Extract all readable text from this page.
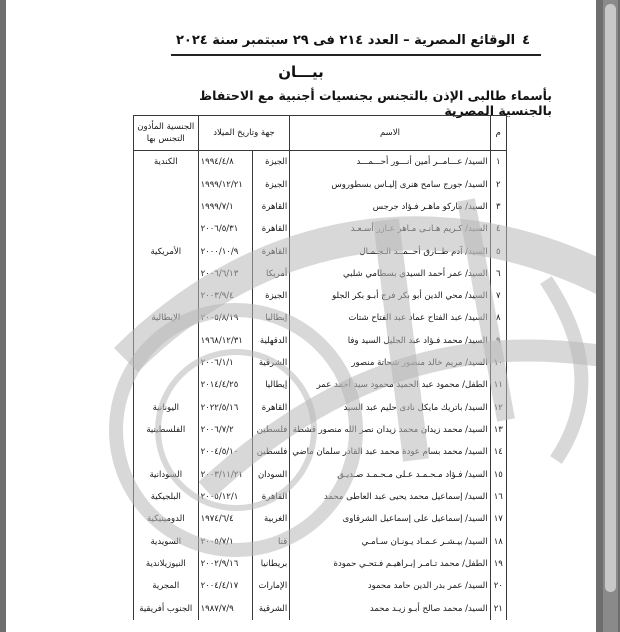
٤
الوقائع المصرية – العدد ٢١٤ فى ٢٩ سبتمبر سنة ٢٠٢٤
بيـــان
بأسماء طالبى الإذن بالتجنس بجنسيات أجنبية مع الاحتفاظ بالجنسية المصرية
م	الاسم	جهة وتاريخ الميلاد		الجنسية المأذون التجنس بها
١	السيد/ عـــامــر أمين أنـــور أحـــمـــد	الجيزة	١٩٩٤/٤/٨	الكندية
٢	السيد/ جورج سامح هنرى إليـاس بسطوروس	الجيزة	١٩٩٩/١٢/٢١	
٣	السيد/ ماركو ماهـر فـؤاد جرجس	القاهرة	١٩٩٩/٧/١	
٤	السيد/ كـريم هـانـى مـاهر عـازر أسـعـد	القاهرة	٢٠٠٦/٥/٣١	
٥	السيد/ آدم طــارق أحــمــد الـجـمـال	القاهرة	٢٠٠٠/١٠/٩	الأمريكية
٦	السيد/ عمر أحمد السيدي بسطامي شلبي	أمريكا	٢٠٠٦/٦/١٣	
٧	السيد/ محي الدين أبو بكر فرج أبـو بكر الجلو	الجيزة	٢٠٠٣/٩/٤	
٨	السيد/ عبد الفتاح عماد عبد الفتاح شتات	إيطاليا	٢٠٠٥/٨/١٩	الإيطالية
٩	السيد/ محمد فـؤاد عبد الجليل السيد وفا	الدقهلية	١٩٦٨/١٢/٣١	
١٠	السيد/ مريم خالد منصور شحاتة منصور	الشرقية	٢٠٠٦/١/١	
١١	الطفل/ محمود عبد الحميد محمود سيد أحمد عمر	إيطاليا	٢٠١٤/٤/٢٥	
١٢	السيد/ باتريك مايكل نادى حليم عبد السيد	القاهرة	٢٠٢٢/٥/١٦	اليونانية
١٣	السيد/ محمد زيدان محمد زيدان نصر الله منصور قشطة	فلسطين	٢٠٠٦/٧/٢	الفلسطينية
١٤	السيد/ محمد بسام عودة محمد عبد القادر سلمان ماضي	فلسطين	٢٠٠٤/٥/١٠	
١٥	السيد/ فـؤاد مـحـمـد عـلى مـحـمـد صـديـق	السودان	٢٠٠٣/١١/٢١	السودانية
١٦	السيد/ إسماعيل محمد يحيى عبد العاطى محمد	القاهرة	٢٠٠٥/١٢/١	البلجيكية
١٧	السيد/ إسماعيل على إسماعيل الشرقاوى	الغربية	١٩٧٤/٦/٤	الدومينيكية
١٨	السيد/ بيـشـر عـمـاد يـونـان سـامـي	قنا	٢٠٠٥/٧/١	السويدية
١٩	الطفل/ محمد تـامـر إبـراهيـم فـتحـي حمودة	بريطانيا	٢٠٠٢/٩/١٦	النيوزيلاندية
٢٠	السيد/ عمر بدر الدين حامد محمود	الإمارات	٢٠٠٤/٤/١٧	المجرية
٢١	السيد/ محمد صالح أبـو زيـد محمد	الشرقية	١٩٨٧/٧/٩	الجنوب أفريقية
